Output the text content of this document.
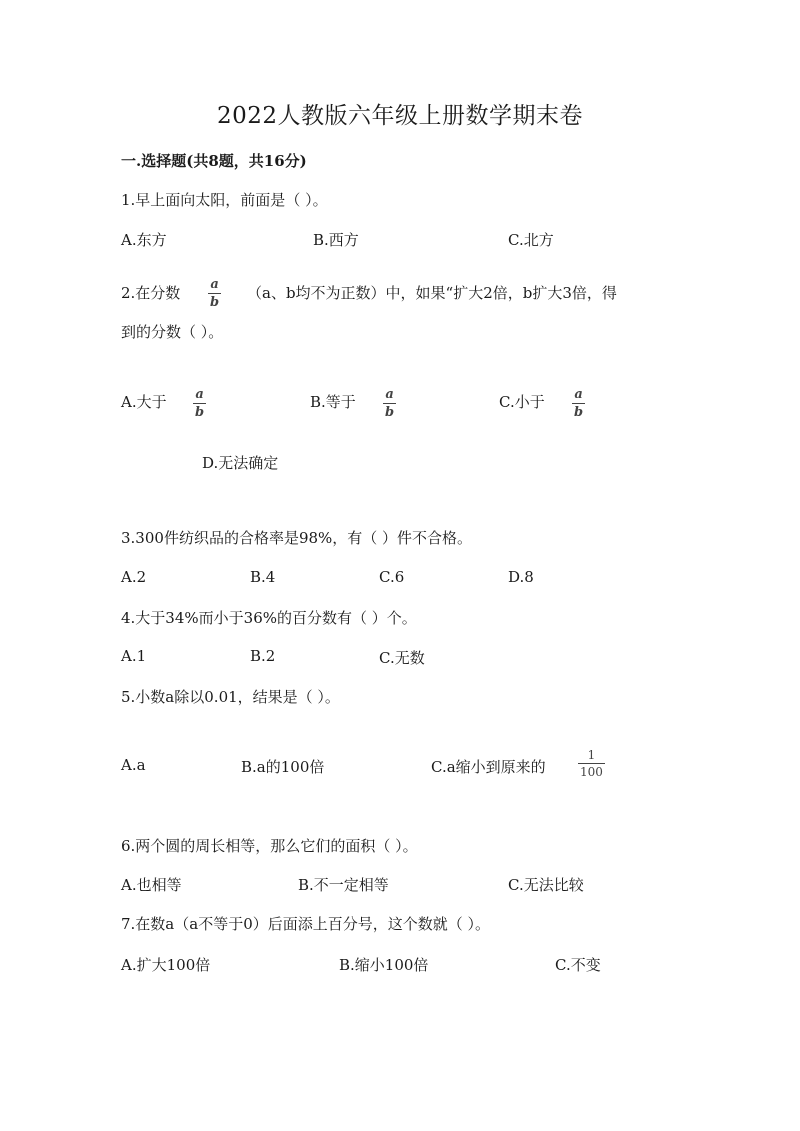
2022人教版六年级上册数学期末卷
一.选择题(共8题，共16分)
1.早上面向太阳，前面是（ ）。
A.东方	B.西方	C.北方
2.在分数 a
b
（a、b均不为正数）中，如果“扩大2倍，b扩大3倍，得
到的分数（ ）。
A.大于 a
b
B.等于 a
b
C.小于 a
b
D.无法确定
3.300件纺织品的合格率是98%，有（ ）件不合格。
A.2	B.4	C.6	D.8
4.大于34%而小于36%的百分数有（ ）个。
A.1	B.2	C.无数
5.小数a除以0.01，结果是（ ）。
A.a	B.a的100倍	C.a缩小到原来的
1
100
6.两个圆的周长相等，那么它们的面积（ ）。
A.也相等	B.不一定相等	C.无法比较
7.在数a（a不等于0）后面添上百分号，这个数就（ ）。
A.扩大100倍	B.缩小100倍	C.不变
